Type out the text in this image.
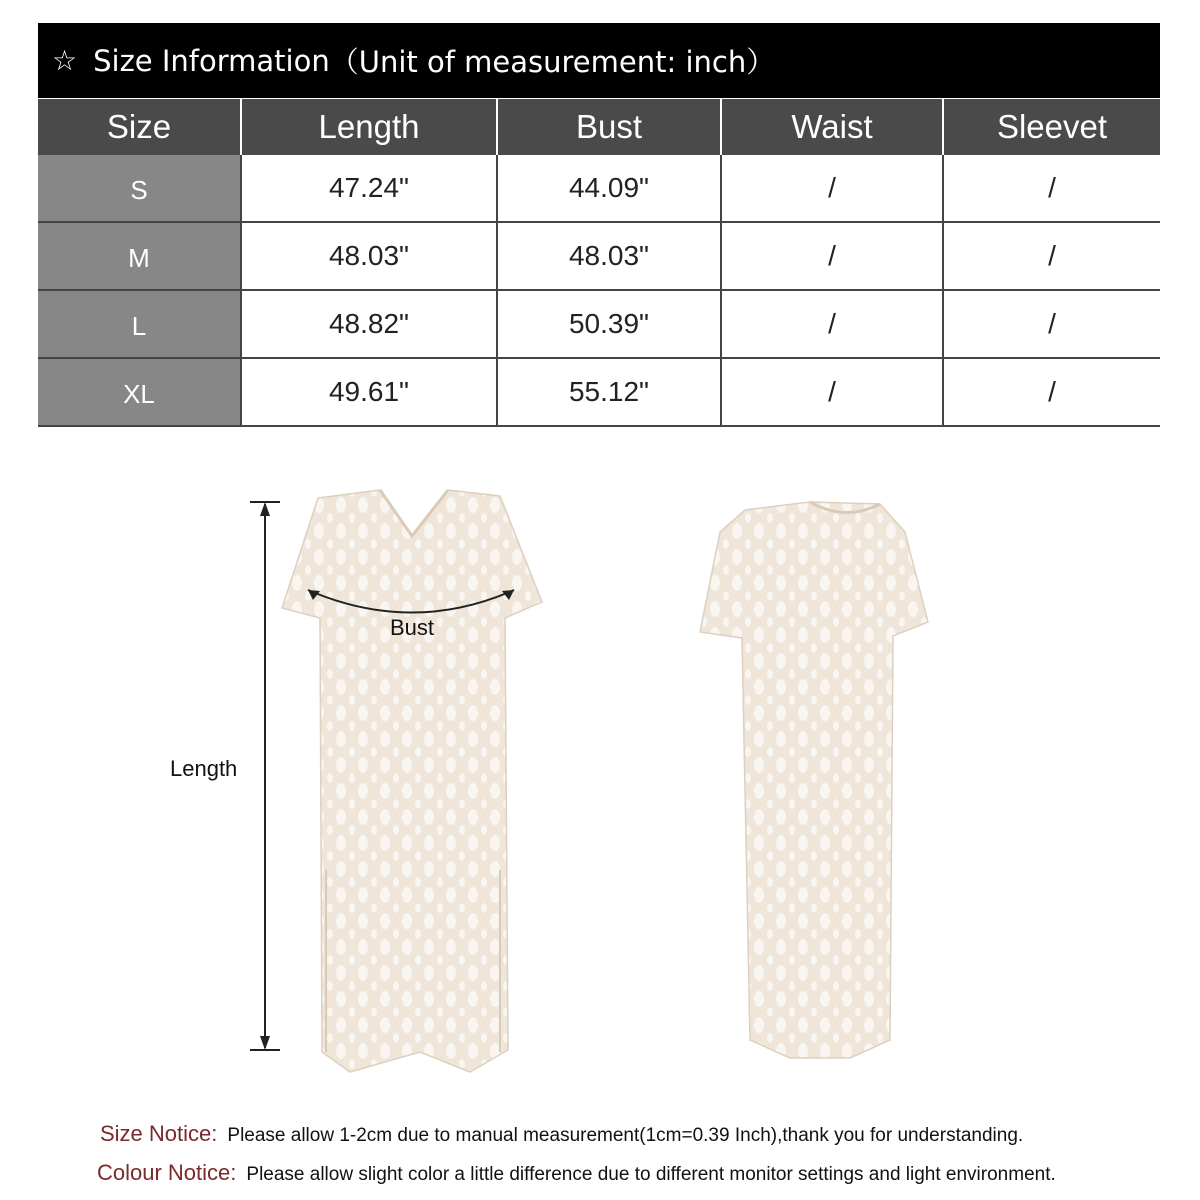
☆ Size Information （Unit of measurement: inch）
Size	Length	Bust	Waist	Sleevet
S	47.24"	44.09"	/	/
M	48.03"	48.03"	/	/
L	48.82"	50.39"	/	/
XL	49.61"	55.12"	/	/
Length
Bust
Size Notice: Please allow 1-2cm due to manual measurement(1cm=0.39 Inch),thank you for understanding.
Colour Notice: Please allow slight color a little difference due to different monitor settings and light environment.
